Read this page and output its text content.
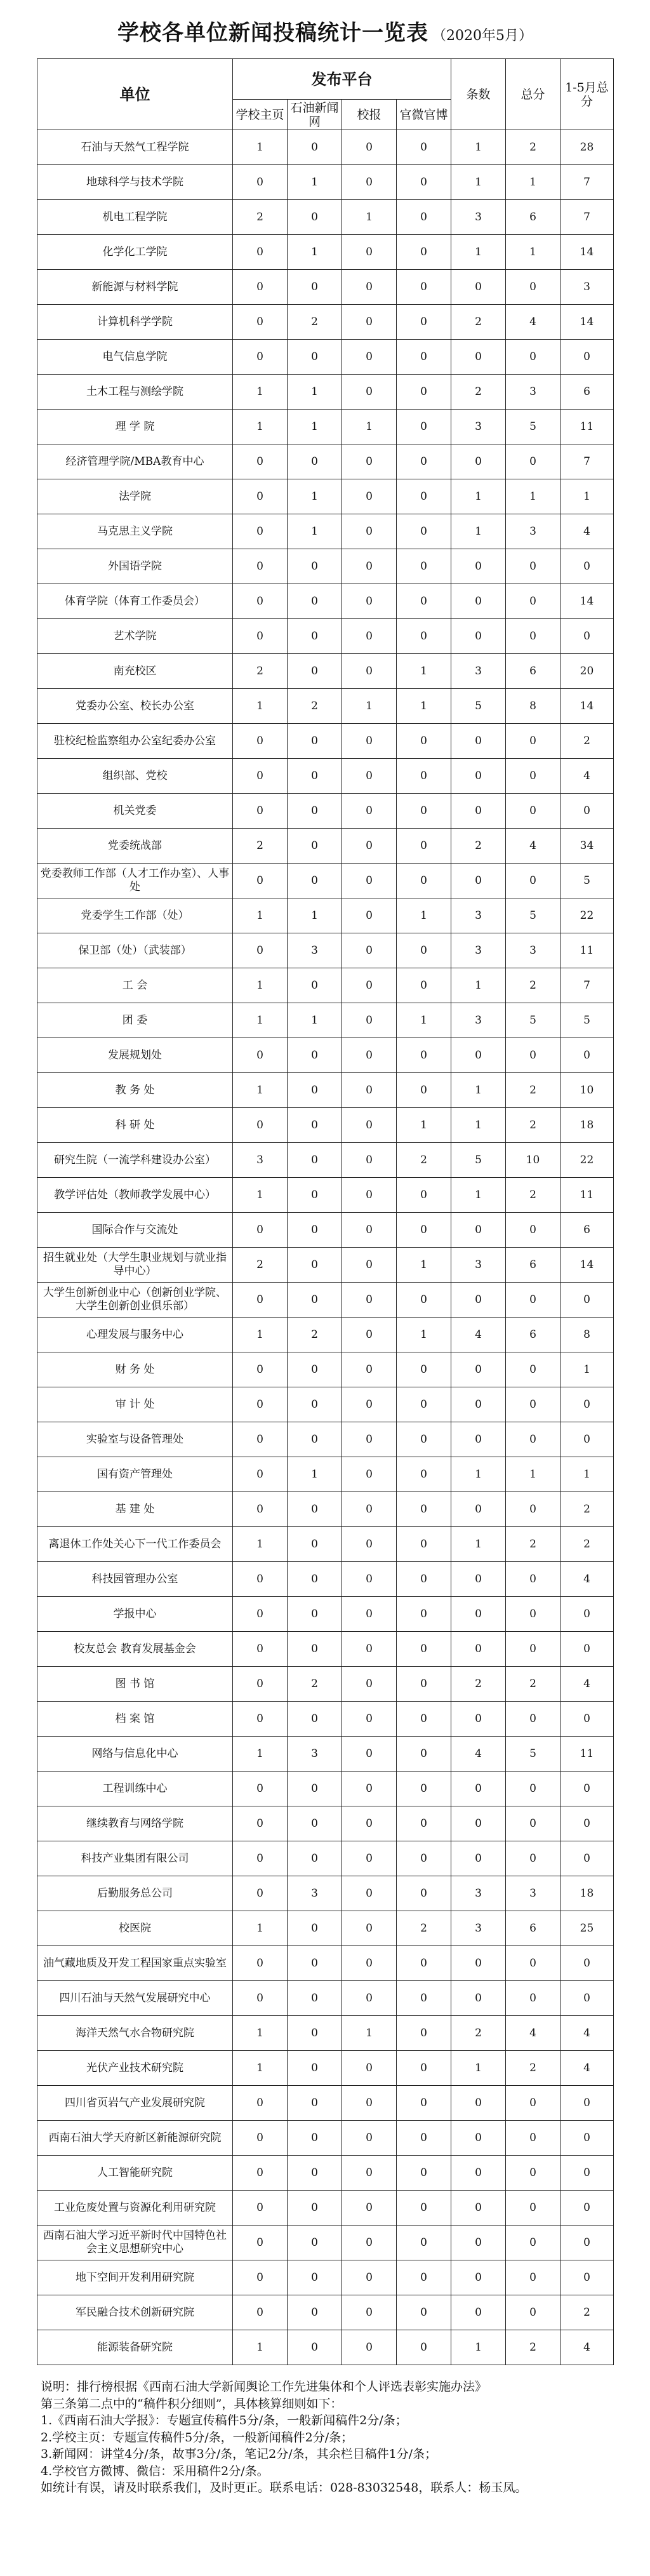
学校各单位新闻投稿统计一览表 （2020年5月）
单位	发布平台				条数	总分	1-5月总分
	学校主页	石油新闻网	校报	官微官博			
石油与天然气工程学院	1	0	0	0	1	2	28
地球科学与技术学院	0	1	0	0	1	1	7
机电工程学院	2	0	1	0	3	6	7
化学化工学院	0	1	0	0	1	1	14
新能源与材料学院	0	0	0	0	0	0	3
计算机科学学院	0	2	0	0	2	4	14
电气信息学院	0	0	0	0	0	0	0
土木工程与测绘学院	1	1	0	0	2	3	6
理 学 院	1	1	1	0	3	5	11
经济管理学院/MBA教育中心	0	0	0	0	0	0	7
法学院	0	1	0	0	1	1	1
马克思主义学院	0	1	0	0	1	3	4
外国语学院	0	0	0	0	0	0	0
体育学院（体育工作委员会）	0	0	0	0	0	0	14
艺术学院	0	0	0	0	0	0	0
南充校区	2	0	0	1	3	6	20
党委办公室、校长办公室	1	2	1	1	5	8	14
驻校纪检监察组办公室纪委办公室	0	0	0	0	0	0	2
组织部、党校	0	0	0	0	0	0	4
机关党委	0	0	0	0	0	0	0
党委统战部	2	0	0	0	2	4	34
党委教师工作部（人才工作办室）、人事处	0	0	0	0	0	0	5
党委学生工作部（处）	1	1	0	1	3	5	22
保卫部（处）（武装部）	0	3	0	0	3	3	11
工 会	1	0	0	0	1	2	7
团 委	1	1	0	1	3	5	5
发展规划处	0	0	0	0	0	0	0
教 务 处	1	0	0	0	1	2	10
科 研 处	0	0	0	1	1	2	18
研究生院（一流学科建设办公室）	3	0	0	2	5	10	22
教学评估处（教师教学发展中心）	1	0	0	0	1	2	11
国际合作与交流处	0	0	0	0	0	0	6
招生就业处（大学生职业规划与就业指导中心）	2	0	0	1	3	6	14
大学生创新创业中心（创新创业学院、大学生创新创业俱乐部）	0	0	0	0	0	0	0
心理发展与服务中心	1	2	0	1	4	6	8
财 务 处	0	0	0	0	0	0	1
审 计 处	0	0	0	0	0	0	0
实验室与设备管理处	0	0	0	0	0	0	0
国有资产管理处	0	1	0	0	1	1	1
基 建 处	0	0	0	0	0	0	2
离退休工作处关心下一代工作委员会	1	0	0	0	1	2	2
科技园管理办公室	0	0	0	0	0	0	4
学报中心	0	0	0	0	0	0	0
校友总会 教育发展基金会	0	0	0	0	0	0	0
图 书 馆	0	2	0	0	2	2	4
档 案 馆	0	0	0	0	0	0	0
网络与信息化中心	1	3	0	0	4	5	11
工程训练中心	0	0	0	0	0	0	0
继续教育与网络学院	0	0	0	0	0	0	0
科技产业集团有限公司	0	0	0	0	0	0	0
后勤服务总公司	0	3	0	0	3	3	18
校医院	1	0	0	2	3	6	25
油气藏地质及开发工程国家重点实验室	0	0	0	0	0	0	0
四川石油与天然气发展研究中心	0	0	0	0	0	0	0
海洋天然气水合物研究院	1	0	1	0	2	4	4
光伏产业技术研究院	1	0	0	0	1	2	4
四川省页岩气产业发展研究院	0	0	0	0	0	0	0
西南石油大学天府新区新能源研究院	0	0	0	0	0	0	0
人工智能研究院	0	0	0	0	0	0	0
工业危废处置与资源化利用研究院	0	0	0	0	0	0	0
西南石油大学习近平新时代中国特色社会主义思想研究中心	0	0	0	0	0	0	0
地下空间开发利用研究院	0	0	0	0	0	0	0
军民融合技术创新研究院	0	0	0	0	0	0	2
能源装备研究院	1	0	0	0	1	2	4
说明：排行榜根据《西南石油大学新闻舆论工作先进集体和个人评选表彰实施办法》
第三条第二点中的“稿件积分细则”，具体核算细则如下：
1.《西南石油大学报》：专题宣传稿件5分/条，一般新闻稿件2分/条；
2.学校主页：专题宣传稿件5分/条，一般新闻稿件2分/条；
3.新闻网：讲堂4分/条，故事3分/条，笔记2分/条，其余栏目稿件1分/条；
4.学校官方微博、微信：采用稿件2分/条。
如统计有误，请及时联系我们，及时更正。联系电话：028-83032548，联系人：杨玉凤。
